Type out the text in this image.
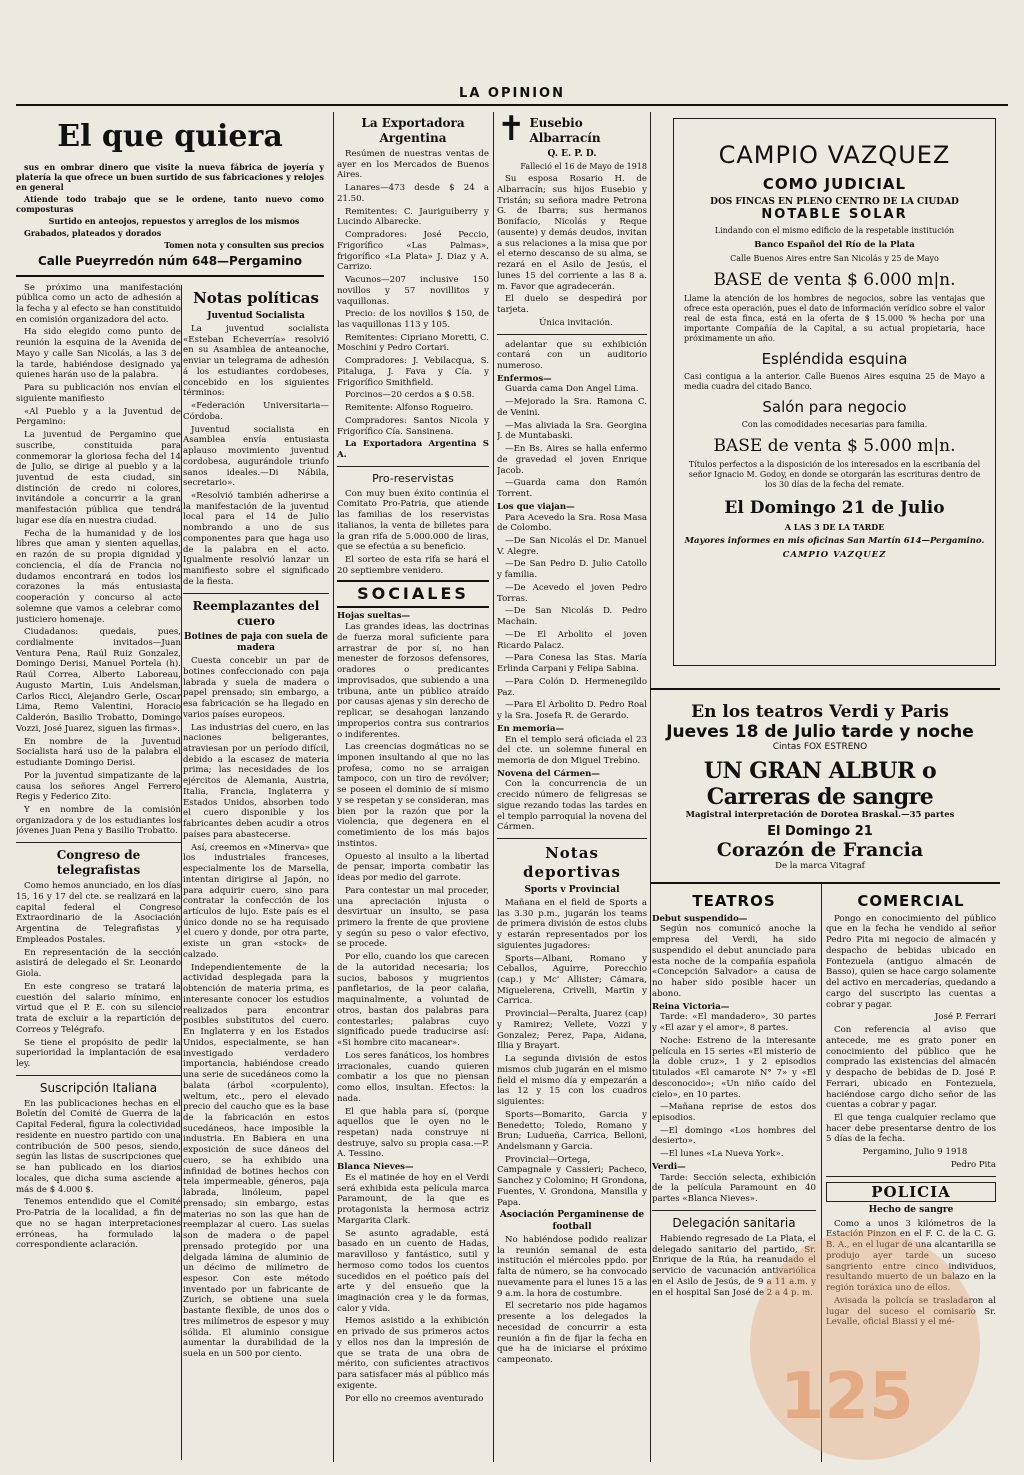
LA OPINION
El que quiera

sus en ombrar dinero que visite la nueva fábrica de joyería y platería la que ofrece un buen surtido de sus fabricaciones y relojes en general

Atiende todo trabajo que se le ordene, tanto nuevo como composturas

Surtido en anteojos, repuestos y arreglos de los mismos

Grabados, plateados y dorados

Tomen nota y consulten sus precios

Calle Pueyrredón núm 648—Pergamino

Se próximo una manifestación pública como un acto de adhesión a la fecha y al efecto se han constituido en comisión organizadora del acto.

Ha sido elegido como punto de reunión la esquina de la Avenida de Mayo y calle San Nicolás, a las 3 de la tarde, habiéndose designado ya quienes harán uso de la palabra.

Para su publicación nos envían el siguiente manifiesto

«Al Pueblo y a la Juventud de Pergamino:

La juventud de Pergamino que suscribe, constituida para conmemorar la gloriosa fecha del 14 de Julio, se dirige al pueblo y a la juventud de esta ciudad, sin distinción de credo ni colores, invitándole a concurrir a la gran manifestación pública que tendrá lugar ese día en nuestra ciudad.

Fecha de la humanidad y de los libres que aman y sienten aquellas, en razón de su propia dignidad y conciencia, el día de Francia no dudamos encontrará en todos los corazones la más entusiasta cooperación y concurso al acto solemne que vamos a celebrar como justiciero homenaje.

Ciudadanos: quedais, pues, cordialmente invitados—Juan Ventura Pena, Raúl Ruiz Gonzalez, Domingo Derisi, Manuel Portela (h). Raúl Correa, Alberto Laboreau, Augusto Martin, Luis Andelsman, Carlos Ricci, Alejandro Gerle, Oscar Lima, Remo Valentini, Horacio Calderón, Basilio Trobatto, Domingo Vozzi, José Juarez, siguen las firmas».

En nombre de la Juventud Socialista hará uso de la palabra el estudiante Domingo Derisi.

Por la juventud simpatizante de la causa los señores Angel Ferrero Regis y Federico Zito.

Y en nombre de la comisión organizadora y de los estudiantes los jóvenes Juan Pena y Basilio Trobatto.

Congreso de telegrafistas

Como hemos anunciado, en los días 15, 16 y 17 del cte. se realizará en la capital federal el Congreso Extraordinario de la Asociación Argentina de Telegrafistas y Empleados Postales.

En representación de la sección asistirá de delegado el Sr. Leonardo Giola.

En este congreso se tratará la cuestión del salario mínimo, en virtud que el P. E. con su silencio trata de excluir a la repartición de Correos y Telégrafo.

Se tiene el propósito de pedir la superioridad la implantación de esa ley.

Suscripción Italiana

En las publicaciones hechas en el Boletín del Comité de Guerra de la Capital Federal, figura la colectividad residente en nuestro partido con una contribución de 500 pesos, siendo, según las listas de suscripciones que se han publicado en los diarios locales, que dicha suma asciende a más de $ 4.000 $.

Tenemos entendido que el Comité Pro-Patria de la localidad, a fin de que no se hagan interpretaciones erróneas, ha formulado la correspondiente aclaración.

Notas políticas
Juventud Socialista

La juventud socialista «Esteban Echeverría» resolvió en su Asamblea de anteanoche, enviar un telegrama de adhesión á los estudiantes cordobeses, concebido en los siguientes términos:

«Federación Universitaria—Córdoba.

Juventud socialista en Asamblea envía entusiasta aplauso movimiento juventud cordobesa, augurándole triunfo sanos ideales.—Di Nábila, secretario».

«Resolvió también adherirse a la manifestación de la juventud local para el 14 de Julio nombrando a uno de sus componentes para que haga uso de la palabra en el acto. Igualmente resolvió lanzar un manifiesto sobre el significado de la fiesta.

Reemplazantes del cuero
Botines de paja con suela de madera

Cuesta concebir un par de botines confeccionado con paja labrada y suela de madera o papel prensado; sin embargo, a esa fabricación se ha llegado en varios países europeos.

Las industrias del cuero, en las naciones beligerantes, atraviesan por un período difícil, debido a la escasez de materia prima; las necesidades de los ejércitos de Alemania, Austria, Italia, Francia, Inglaterra y Estados Unidos, absorben todo el cuero disponible y los fabricantes deben acudir a otros países para abastecerse.

Así, creemos en «Minerva» que los industriales franceses, especialmente los de Marsella, intentan dirigirse al Japón, no para adquirir cuero, sino para contratar la confección de los artículos de lujo. Este país es el único donde no se ha requisado el cuero y donde, por otra parte, existe un gran «stock» de calzado.

Independientemente de la actividad desplegada para la obtención de materia prima, es interesante conocer los estudios realizados para encontrar posibles substitutos del cuero. En Inglaterra y en los Estados Unidos, especialmente, se han investigado verdadero importancia, habiéndose creado una serie de sucedáneos como la balata (árbol «corpulento), weltum, etc., pero el elevado precio del caucho que es la base de la fabricación en estos sucedáneos, hace imposible la industria. En Babiera en una exposición de suce dáneos del cuero, se ha exhibido una infinidad de botines hechos con tela impermeable, géneros, paja labrada, linóleum, papel prensado; sin embargo, estas materias no son las que han de reemplazar al cuero. Las suelas son de madera o de papel prensado protegido por una delgada lámina de aluminio de un décimo de milímetro de espesor. Con este método inventado por un fabricante de Zurich, se obtiene una suela bastante flexible, de unos dos o tres milímetros de espesor y muy sólida. El aluminio consigue aumentar la durabilidad de la suela en un 500 por ciento.

La Exportadora Argentina

Resúmen de nuestras ventas de ayer en los Mercados de Buenos Aires.

Lanares—473 desde $ 24 a 21.50.

Remitentes: C. Jauriguiberry y Lucindo Albarecke.

Compradores: José Peccio, Frigorífico «Las Palmas», frigorífico «La Plata» J. Diaz y A. Carrizo.

Vacunos—207 inclusive 150 novillos y 57 novillitos y vaquillonas.

Precio: de los novillos $ 150, de las vaquillonas 113 y 105.

Remitentes: Cipriano Moretti, C. Moschini y Pedro Cortari.

Compradores: J. Vebilacqua, S. Pitaluga, J. Fava y Cía. y Frigorífico Smithfield.

Porcinos—20 cerdos a $ 0.58.

Remitente: Alfonso Rogueiro.

Compradores: Santos Nicola y Frigorífico Cía. Sansinena.

La Exportadora Argentina S A.

Pro-reservistas

Con muy buen éxito continúa el Comitato Pro-Patria, que atiende las familias de los reservistas italianos, la venta de billetes para la gran rifa de 5.000.000 de liras, que se efectúa a su beneficio.

El sorteo de esta rifa se hará el 20 septiembre venidero.

SOCIALES
Hojas sueltas—

Las grandes ideas, las doctrinas de fuerza moral suficiente para arrastrar de por sí, no han menester de forzosos defensores, oradores o predicantes improvisados, que subiendo a una tribuna, ante un público atraído por causas ajenas y sin derecho de replicar, se desahogan lanzando improperios contra sus contrarios o indiferentes.

Las creencias dogmáticas no se imponen insultando al que no las profesa, como no se arraigan tampoco, con un tiro de revólver; se poseen el dominio de sí mismo y se respetan y se consideran, mas bien por la razón que por la violencia, que degenera en el cometimiento de los más bajos instintos.

Opuesto al insulto a la libertad de pensar, importa combatir las ideas por medio del garrote.

Para contestar un mal proceder, una apreciación injusta o desvirtuar un insulto, se pasa primero la frente de que proviene y según su peso o valor efectivo, se procede.

Por ello, cuando los que carecen de la autoridad necesaria; los sucios, babosos y mugrientos panfletarios, de la peor calaña, maquinalmente, a voluntad de otros, bastan dos palabras para contestarles; palabras cuyo significado puede traducirse así: «Si hombre cito macanear».

Los seres fanáticos, los hombres irracionales, cuando quieren combatir a los que no piensan como ellos, insultan. Efectos: la nada.

El que habla para sí, (porque aquellos que le oyen no le respetan) nada construye ni destruye, salvo su propia casa.—P. A. Tessino.

Blanca Nieves—

Es el matinée de hoy en el Verdi será exhibida esta película marca Paramount, de la que es protagonista la hermosa actriz Margarita Clark.

Se asunto agradable, está basado en un cuento de Hadas, maravilloso y fantástico, sutil y hermoso como todos los cuentos sucedidos en el poético país del arte y del ensueño que la imaginación crea y le da formas, calor y vida.

Hemos asistido a la exhibición en privado de sus primeros actos y ellos nos dan la impresión de que se trata de una obra de mérito, con suficientes atractivos para satisfacer más al público más exigente.

Por ello no creemos aventurado

✝ Eusebio Albarracín
Q. E. P. D.

Falleció el 16 de Mayo de 1918

Su esposa Rosario H. de Albarracín; sus hijos Eusebio y Tristán; su señora madre Petrona G. de Ibarra; sus hermanos Bonifacio, Nicolás y Reque (ausente) y demás deudos, invitan a sus relaciones a la misa que por el eterno descanso de su alma, se rezará en el Asilo de Jesús, el lunes 15 del corriente a las 8 a. m. Favor que agradecerán.

El duelo se despedirá por tarjeta.

Única invitación.

adelantar que su exhibición contará con un auditorio numeroso.

Enfermos—

Guarda cama Don Angel Lima.

—Mejorado la Sra. Ramona C. de Venini.

—Mas aliviada la Sra. Georgina J. de Muntabaski.

—En Bs. Aires se halla enfermo de gravedad el joven Enrique Jacob.

—Guarda cama don Ramón Torrent.

Los que viajan—

Para Acevedo la Sra. Rosa Masa de Colombo.

—De San Nicolás el Dr. Manuel V. Alegre.

—De San Pedro D. Julio Catollo y familia.

—De Acevedo el joven Pedro Torras.

—De San Nicolás D. Pedro Machain.

—De El Arbolito el joven Ricardo Palacz.

—Para Conesa las Stas. María Erlinda Carpani y Felipa Sabina.

—Para Colón D. Hermenegildo Paz.

—Para El Arbolito D. Pedro Roal y la Sra. Josefa R. de Gerardo.

En memoria—

En el templo será oficiada el 23 del cte. un solemne funeral en memoria de don Miguel Trebino.

Novena del Cármen—

Con la concurrencia de un crecido número de feligresas se sigue rezando todas las tardes en el templo parroquial la novena del Cármen.

Notas deportivas
Sports v Provincial

Mañana en el field de Sports a las 3.30 p.m., jugarán los teams de primera división de estos clubs y estarán representados por los siguientes jugadores:

Sports—Albani, Romano y Ceballos, Aguirre, Porecchio (cap.) y Mc' Allister; Cámara, Miguelerena, Crivelli, Martin y Carrica.

Provincial—Peralta, Juarez (cap) y Ramirez; Vellete, Vozzi y Gonzalez; Perez, Papa, Aidana, Illia y Brayart.

La segunda división de estos mismos club jugarán en el mismo field el mismo día y empezarán a las 12 y 15 con los cuadros siguientes:

Sports—Bomarito, Garcia y Benedetto; Toledo, Romano y Brun; Ludueña, Carrica, Belloni, Andelsmann y Garcia.

Provincial—Ortega, Campagnale y Cassieri; Pacheco, Sanchez y Colomino; H Grondona, Fuentes, V. Grondona, Mansilla y Papa.

Asociación Pergaminense de football

No habiéndose podido realizar la reunión semanal de esta institución el miércoles ppdo. por falta de número, se ha convocado nuevamente para el lunes 15 a las 9 a.m. la hora de costumbre.

El secretario nos pide hagamos presente a los delegados la necesidad de concurrir a esta reunión a fin de fijar la fecha en que ha de iniciarse el próximo campeonato.

CAMPIO VAZQUEZ
COMO JUDICIAL
DOS FINCAS EN PLENO CENTRO DE LA CIUDAD
NOTABLE SOLAR
Lindando con el mismo edificio de la respetable institución
Banco Español del Río de la Plata
Calle Buenos Aires entre San Nicolás y 25 de Mayo
BASE de venta $ 6.000 m|n.
Llame la atención de los hombres de negocios, sobre las ventajas que ofrece esta operación, pues el dato de información verídico sobre el valor real de esta finca, está en la oferta de $ 15.000 % hecha por una importante Compañía de la Capital, a su actual propietaria, hace próximamente un año.
Espléndida esquina
Casi contigua a la anterior. Calle Buenos Aires esquina 25 de Mayo a media cuadra del citado Banco.
Salón para negocio
Con las comodidades necesarias para familia.
BASE de venta $ 5.000 m|n.
Títulos perfectos a la disposición de los interesados en la escribanía del señor Ignacio M. Godoy, en donde se otorgarán las escrituras dentro de los 30 días de la fecha del remate.
El Domingo 21 de Julio
A LAS 3 DE LA TARDE
Mayores informes en mis oficinas San Martín 614—Pergamino.
CAMPIO VAZQUEZ
En los teatros Verdi y Paris
Jueves 18 de Julio tarde y noche
Cintas FOX ESTRENO
UN GRAN ALBUR o Carreras de sangre
Magistral interpretación de Dorotea Braskal.—35 partes
El Domingo 21
Corazón de Francia
De la marca Vitagraf
TEATROS
Debut suspendido—

Según nos comunicó anoche la empresa del Verdi, ha sido suspendido el debut anunciado para esta noche de la compañía española «Concepción Salvador» a causa de no haber sido posible hacer un abono.

Reina Victoria—

Tarde: «El mandadero», 30 partes y «El azar y el amor», 8 partes.

Noche: Estreno de la interesante película en 15 series «El misterio de la doble cruz», 1 y 2 episodios titulados «El camarote N° 7» y «El desconocido»; «Un niño caído del cielo», en 10 partes.

—Mañana reprise de estos dos episodios.

—El domingo «Los hombres del desierto».

—El lunes «La Nueva York».

Verdi—

Tarde: Sección selecta, exhibición de la película Paramount en 40 partes «Blanca Nieves».

Delegación sanitaria

Habiendo regresado de La Plata, el delegado sanitario del partido, Sr. Enrique de la Rúa, ha reanudado el servicio de vacunación antivariólica en el Asilo de Jesús, de 9 a 11 a.m. y en el hospital San José de 2 a 4 p. m.

COMERCIAL

Pongo en conocimiento del público que en la fecha he vendido al señor Pedro Pita mi negocio de almacén y despacho de bebidas ubicado en Fontezuela (antiguo almacén de Basso), quien se hace cargo solamente del activo en mercaderías, quedando a cargo del suscripto las cuentas a cobrar y pagar.

José P. Ferrari

Con referencia al aviso que antecede, me es grato poner en conocimiento del público que he comprado las existencias del almacén y despacho de bebidas de D. José P. Ferrari, ubicado en Fontezuela, haciéndose cargo dicho señor de las cuentas a cobrar y pagar.

El que tenga cualquier reclamo que hacer debe presentarse dentro de los 5 días de la fecha.

Pergamino, Julio 9 1918

Pedro Pita

POLICIA
Hecho de sangre

Como a unos 3 kilómetros de la Estación Pinzon en el F. C. de la C. G. B. A., en el lugar de una alcantarilla se produjo ayer tarde un suceso sangriento entre cinco individuos, resultando muerto de un balazo en la región toráxica uno de ellos.

Avisada la policía se trasladaron al lugar del suceso el comisario Sr. Levalle, oficial Biassi y el mé-

125
